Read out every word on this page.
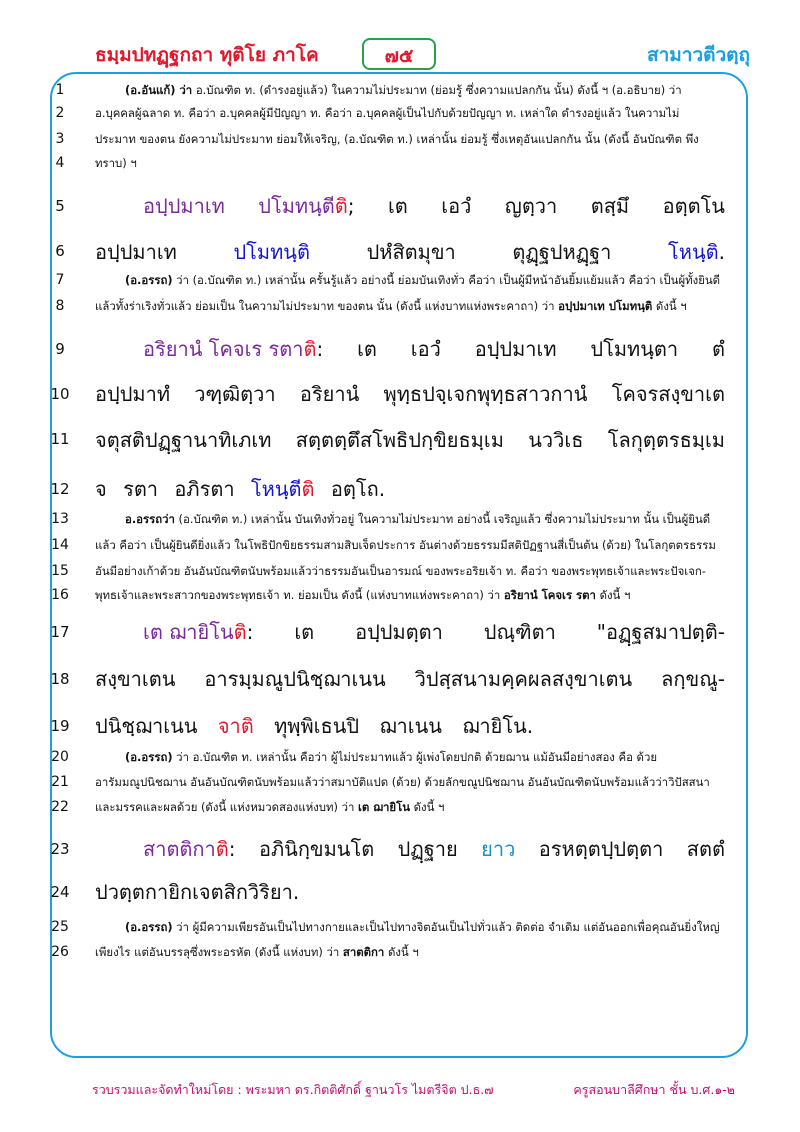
ธมฺมปทฏฺฐกถา ทุติโย ภาโค	๗๕	สามาวตีวตฺถุ
1
2
3
4
5
6
7
8
9
10
11
12
13
14
15
16
17
18
19
20
21
22
23
24
25
26
(อ.อันแก้) ว่า อ.บัณฑิต ท. (ดำรงอยู่แล้ว) ในความไม่ประมาท (ย่อมรู้ ซึ่งความแปลกกัน นั้น) ดังนี้ ฯ (อ.อธิบาย) ว่า
อ.บุคคลผู้ฉลาด ท. คือว่า อ.บุคคลผู้มีปัญญา ท. คือว่า อ.บุคคลผู้เป็นไปกับด้วยปัญญา ท. เหล่าใด ดำรงอยู่แล้ว ในความไม่
ประมาท ของตน ยังความไม่ประมาท ย่อมให้เจริญ, (อ.บัณฑิต ท.) เหล่านั้น ย่อมรู้ ซึ่งเหตุอันแปลกกัน นั้น (ดังนี้ อันบัณฑิต พึง
ทราบ) ฯ
อปฺปมาเท ปโมทนฺตีติ; เต เอวํ ญตฺวา ตสฺมึ อตฺตโน
อปฺปมาเท	ปโมทนฺติ	ปหํสิตมุขา	ตุฏฺฐปหฏฺฐา	โหนฺติ.
(อ.อรรถ) ว่า (อ.บัณฑิต ท.) เหล่านั้น ครั้นรู้แล้ว อย่างนี้ ย่อมบันเทิงทั่ว คือว่า เป็นผู้มีหน้าอันยิ้มแย้มแล้ว คือว่า เป็นผู้ทั้งยินดี
แล้วทั้งร่าเริงทั่วแล้ว ย่อมเป็น ในความไม่ประมาท ของตน นั้น (ดังนี้ แห่งบาทแห่งพระคาถา) ว่า อปฺปมาเท ปโมทนฺติ ดังนี้ ฯ
อริยานํ โคจเร รตาติ: เต เอวํ อปฺปมาเท ปโมทนฺตา ตํ
อปฺปมาทํ วฑฺฒิตฺวา อริยานํ พุทฺธปจฺเจกพุทฺธสาวกานํ โคจรสงฺขาเต
จตุสติปฏฺฐานาทิเภเท สตฺตตฺตึสโพธิปกฺขิยธมฺเม นววิเธ โลกุตฺตรธมฺเม
จ รตา อภิรตา โหนฺตีติ อตฺโถ.
อ.อรรถว่า (อ.บัณฑิต ท.) เหล่านั้น บันเทิงทั่วอยู่ ในความไม่ประมาท อย่างนี้ เจริญแล้ว ซึ่งความไม่ประมาท นั้น เป็นผู้ยินดี
แล้ว คือว่า เป็นผู้ยินดียิ่งแล้ว ในโพธิปักขิยธรรมสามสิบเจ็ดประการ อันต่างด้วยธรรมมีสติปัฏฐานสี่เป็นต้น (ด้วย) ในโลกุตตรธรรม
อันมีอย่างเก้าด้วย อันอันบัณฑิตนับพร้อมแล้วว่าธรรมอันเป็นอารมณ์ ของพระอริยเจ้า ท. คือว่า ของพระพุทธเจ้าและพระปัจเจก-
พุทธเจ้าและพระสาวกของพระพุทธเจ้า ท. ย่อมเป็น ดังนี้ (แห่งบาทแห่งพระคาถา) ว่า อริยานํ โคจเร รตา ดังนี้ ฯ
เต ฌายิโนติ: เต อปฺปมตฺตา ปณฺฑิตา "อฏฺฐสมาปตฺติ-
สงฺขาเตน อารมฺมณูปนิชฺฌาเนน วิปสฺสนามคฺคผลสงฺขาเตน ลกฺขณู-
ปนิชฺฌาเนน จาติ ทุพฺพิเธนปิ ฌาเนน ฌายิโน.
(อ.อรรถ) ว่า อ.บัณฑิต ท. เหล่านั้น คือว่า ผู้ไม่ประมาทแล้ว ผู้เพ่งโดยปกติ ด้วยฌาน แม้อันมีอย่างสอง คือ ด้วย
อารัมมณูปนิชฌาน อันอันบัณฑิตนับพร้อมแล้วว่าสมาบัติแปด (ด้วย) ด้วยลักขณูปนิชฌาน อันอันบัณฑิตนับพร้อมแล้วว่าวิปัสสนา
และมรรคและผลด้วย (ดังนี้ แห่งหมวดสองแห่งบท) ว่า เต ฌายิโน ดังนี้ ฯ
สาตติกาติ: อภินิกฺขมนโต ปฏฺฐาย ยาว อรหตฺตปฺปตฺตา สตตํ
ปวตฺตกายิกเจตสิกวิริยา.
(อ.อรรถ) ว่า ผู้มีความเพียรอันเป็นไปทางกายและเป็นไปทางจิตอันเป็นไปทั่วแล้ว ติดต่อ จำเดิม แต่อันออกเพื่อคุณอันยิ่งใหญ่
เพียงไร แต่อันบรรลุซึ่งพระอรหัต (ดังนี้ แห่งบท) ว่า สาตติกา ดังนี้ ฯ
รวบรวมและจัดทำใหม่โดย : พระมหา ดร.กิตติศักดิ์ ฐานวโร ไมตรีจิต ป.ธ.๗	ครูสอนบาลีศึกษา ชั้น บ.ศ.๑-๒
